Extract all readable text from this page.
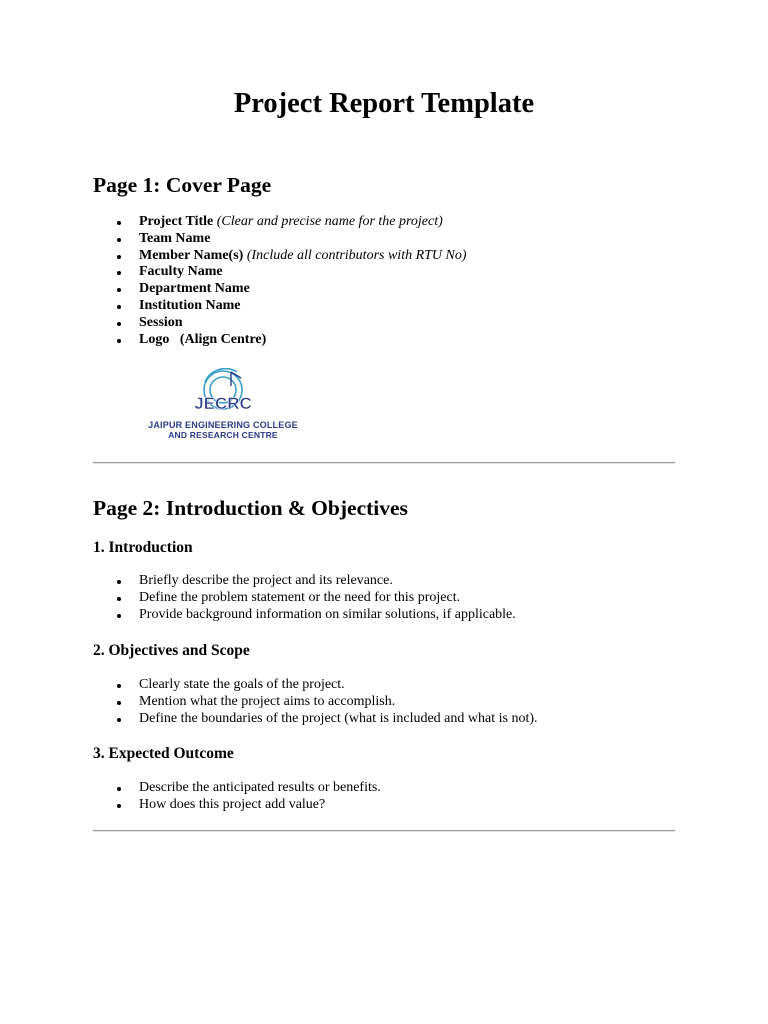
Project Report Template
Page 1: Cover Page
Project Title (Clear and precise name for the project)
Team Name
Member Name(s) (Include all contributors with RTU No)
Faculty Name
Department Name
Institution Name
Session
Logo   (Align Centre)
JECRC
JAIPUR ENGINEERING COLLEGE
AND RESEARCH CENTRE
Page 2: Introduction & Objectives
1. Introduction
Briefly describe the project and its relevance.
Define the problem statement or the need for this project.
Provide background information on similar solutions, if applicable.
2. Objectives and Scope
Clearly state the goals of the project.
Mention what the project aims to accomplish.
Define the boundaries of the project (what is included and what is not).
3. Expected Outcome
Describe the anticipated results or benefits.
How does this project add value?
